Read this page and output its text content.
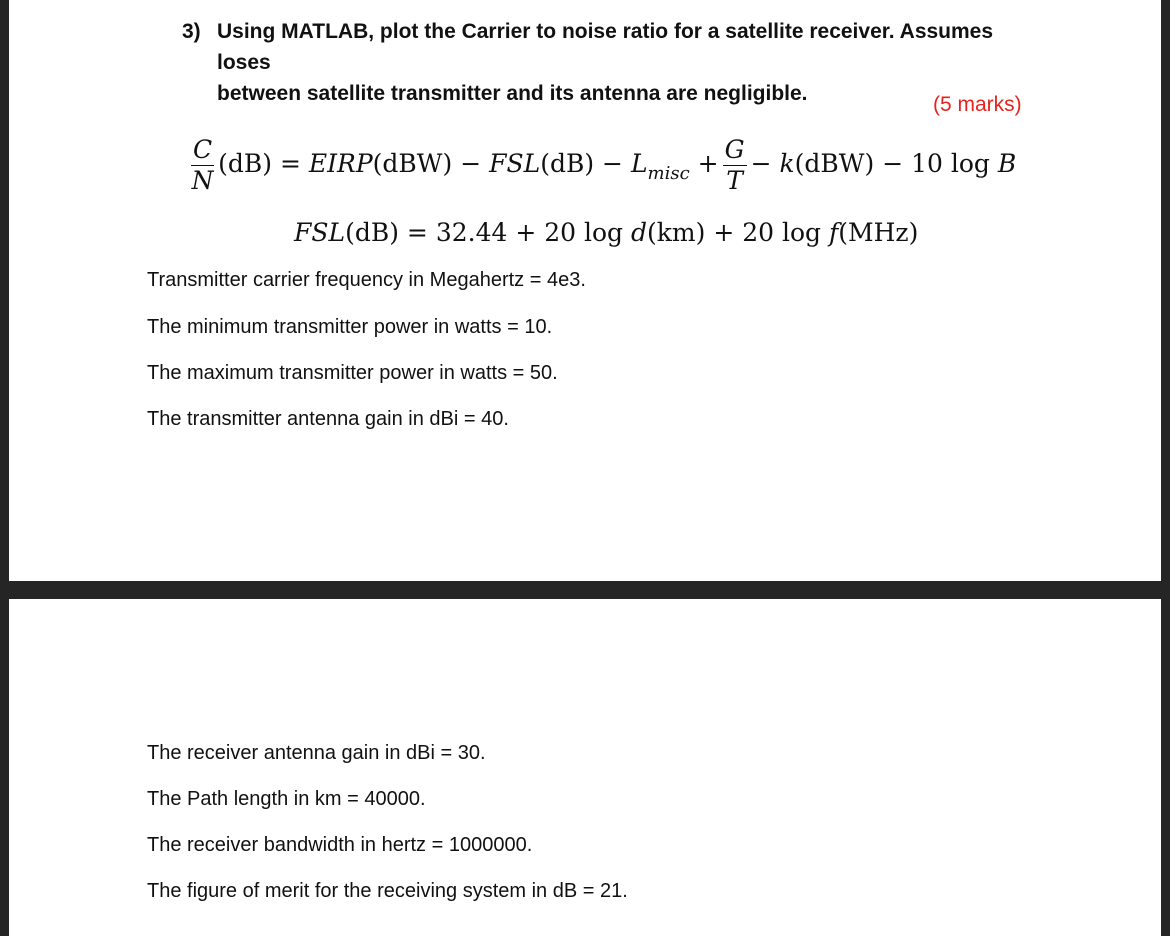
3) Using MATLAB, plot the Carrier to noise ratio for a satellite receiver. Assumes loses
between satellite transmitter and its antenna are negligible.	(5 marks)
$\frac{C}{N} (dB)$ = EIRP(dBW) − $FSL(dB) - L_{misc} + \frac{G}{T} - k(dBW) - 10$ log B
FSL(dB) = 32.44 + 20 log d(km) + 20 log f(MHz)
Transmitter carrier frequency in Megahertz = 4e3.
The minimum transmitter power in watts = 10.
The maximum transmitter power in watts = 50.
The transmitter antenna gain in dBi = 40.
The receiver antenna gain in dBi = 30.
The Path length in km = 40000.
The receiver bandwidth in hertz = 1000000.
The figure of merit for the receiving system in dB = 21.
